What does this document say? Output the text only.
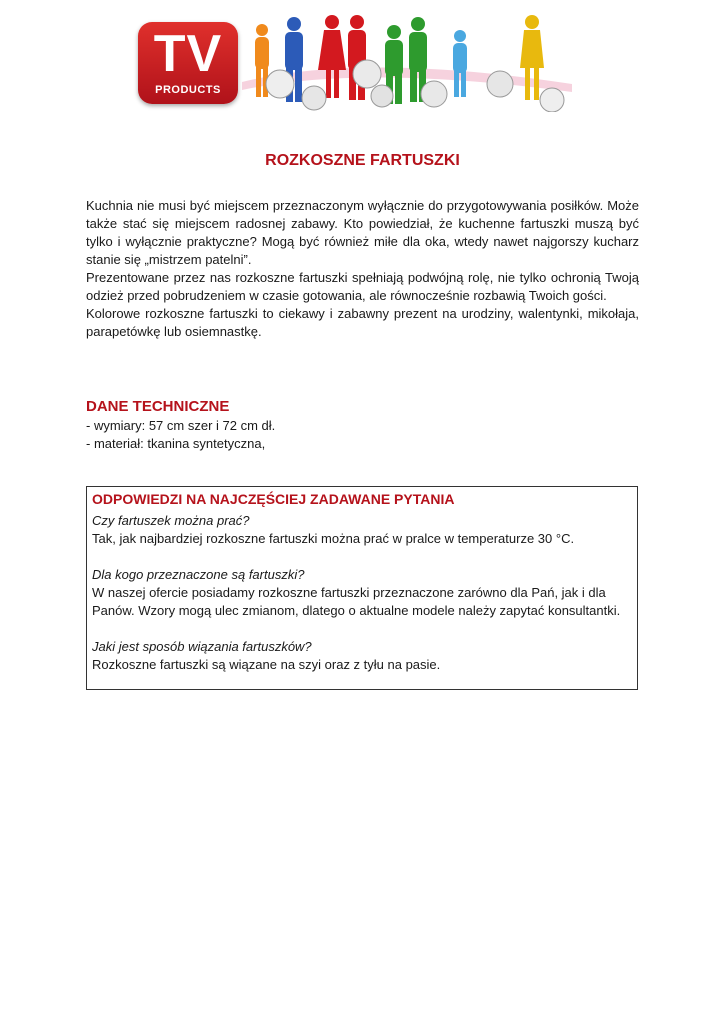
TV
PRODUCTS
ROZKOSZNE FARTUSZKI

Kuchnia nie musi być miejscem przeznaczonym wyłącznie do przygotowywania posiłków. Może także stać się miejscem radosnej zabawy. Kto powiedział, że kuchenne fartuszki muszą być tylko i wyłącznie praktyczne? Mogą być również miłe dla oka, wtedy nawet najgorszy kucharz stanie się „mistrzem patelni”.

Prezentowane przez nas rozkoszne fartuszki spełniają podwójną rolę, nie tylko ochronią Twoją odzież przed pobrudzeniem w czasie gotowania, ale równocześnie rozbawią Twoich gości.

Kolorowe rozkoszne fartuszki to ciekawy i zabawny prezent na urodziny, walentynki, mikołaja, parapetówkę lub osiemnastkę.

DANE TECHNICZNE
- wymiary: 57 cm szer i 72 cm dł.
- materiał: tkanina syntetyczna,
ODPOWIEDZI NA NAJCZĘŚCIEJ ZADAWANE PYTANIA
Czy fartuszek można prać?
Tak, jak najbardziej rozkoszne fartuszki można prać w pralce w temperaturze 30 °C.
Dla kogo przeznaczone są fartuszki?
W naszej ofercie posiadamy rozkoszne fartuszki przeznaczone zarówno dla Pań, jak i dla Panów. Wzory mogą ulec zmianom, dlatego o aktualne modele należy zapytać konsultantki.
Jaki jest sposób wiązania fartuszków?
Rozkoszne fartuszki są wiązane na szyi oraz z tyłu na pasie.
